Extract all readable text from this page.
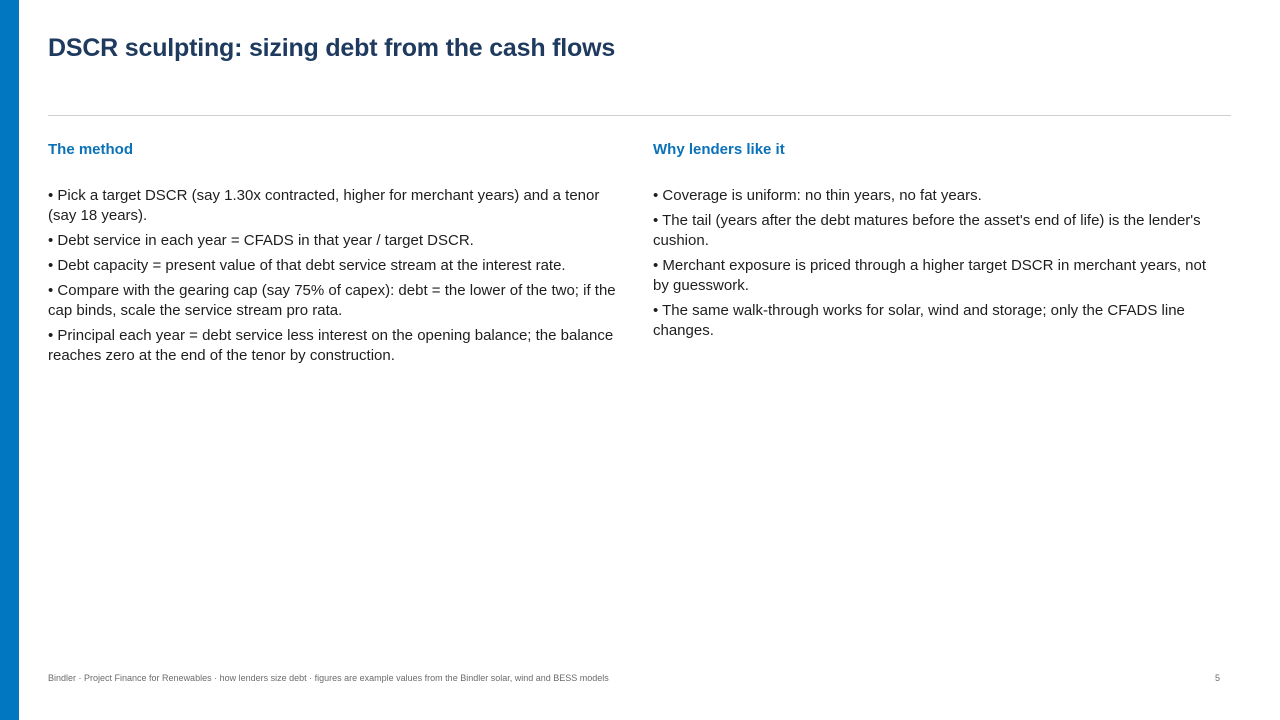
DSCR sculpting: sizing debt from the cash flows
The method
• Pick a target DSCR (say 1.30x contracted, higher for merchant years) and a tenor (say 18 years).
• Debt service in each year = CFADS in that year / target DSCR.
• Debt capacity = present value of that debt service stream at the interest rate.
• Compare with the gearing cap (say 75% of capex): debt = the lower of the two; if the cap binds, scale the service stream pro rata.
• Principal each year = debt service less interest on the opening balance; the balance reaches zero at the end of the tenor by construction.
Why lenders like it
• Coverage is uniform: no thin years, no fat years.
• The tail (years after the debt matures before the asset's end of life) is the lender's cushion.
• Merchant exposure is priced through a higher target DSCR in merchant years, not by guesswork.
• The same walk-through works for solar, wind and storage; only the CFADS line changes.
Bindler · Project Finance for Renewables · how lenders size debt · figures are example values from the Bindler solar, wind and BESS models	5
